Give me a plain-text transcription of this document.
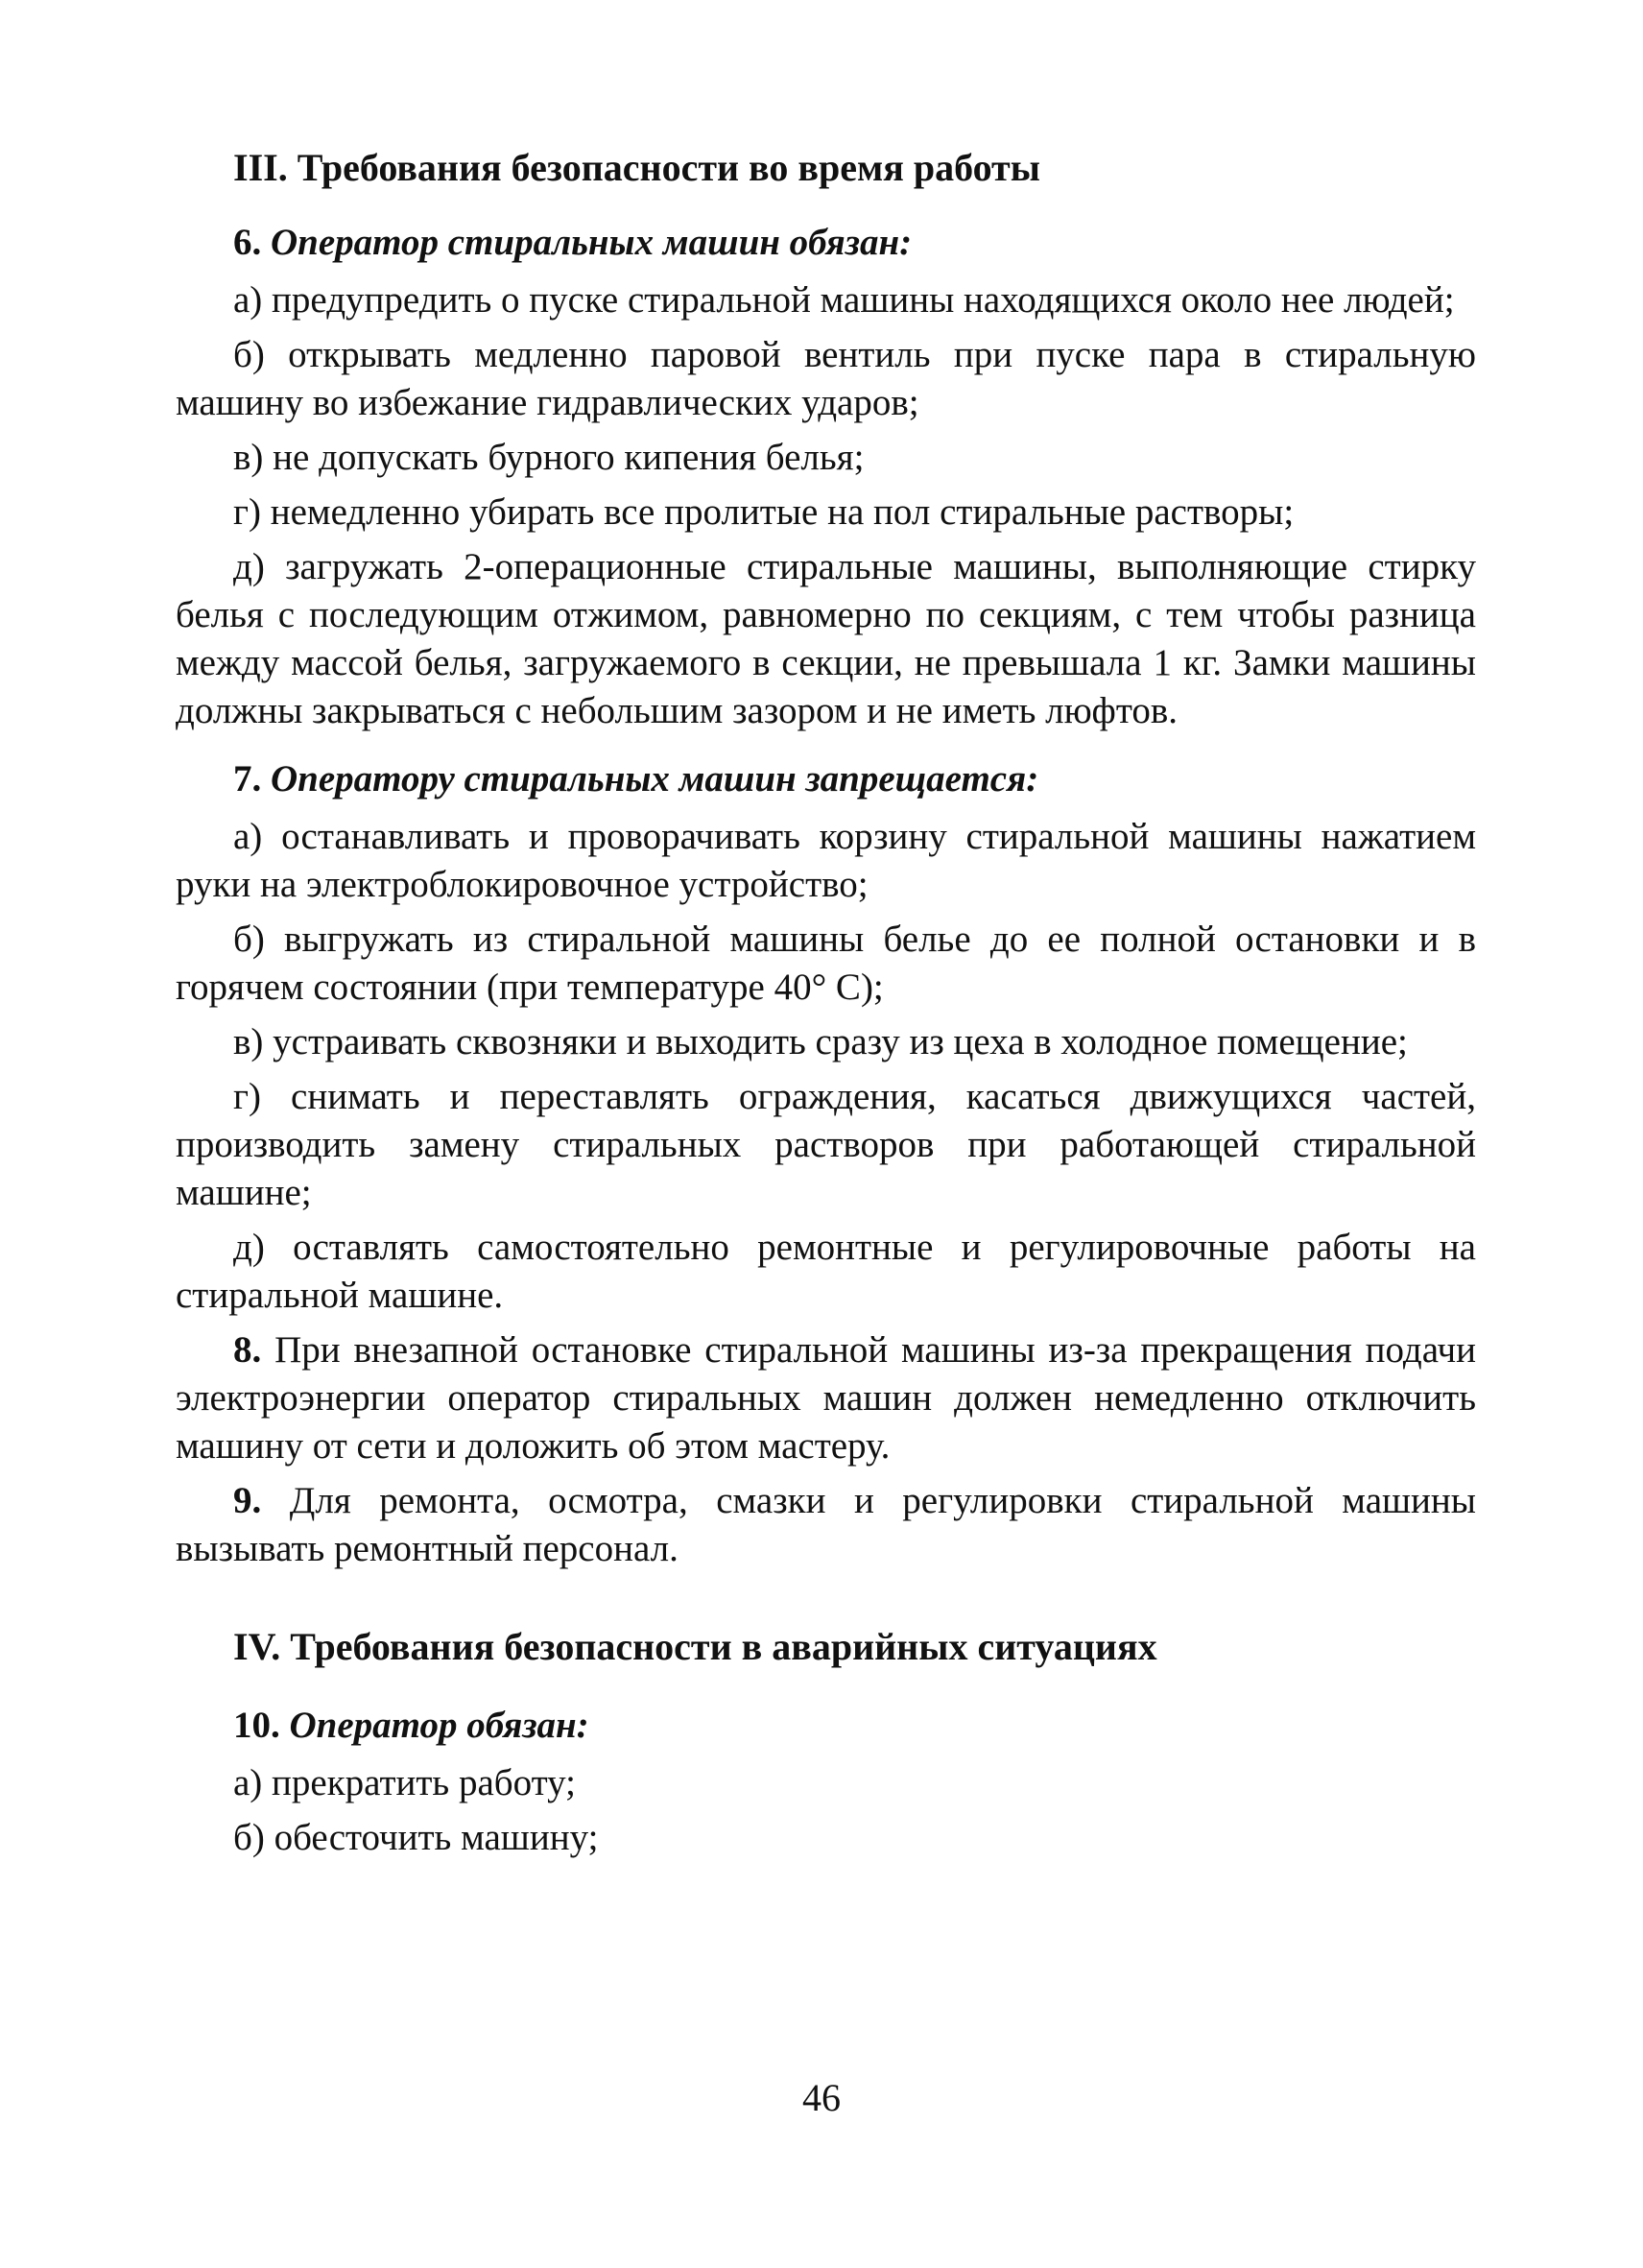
III. Требования безопасности во время работы

6. Оператор стиральных машин обязан:

а) предупредить о пуске стиральной машины находящихся около нее людей;

б) открывать медленно паровой вентиль при пуске пара в стиральную машину во избежание гидравлических ударов;

в) не допускать бурного кипения белья;

г) немедленно убирать все пролитые на пол стиральные растворы;

д) загружать 2-операционные стиральные машины, выполняющие стирку белья с последующим отжимом, равномерно по секциям, с тем чтобы разница между массой белья, загружаемого в секции, не превышала 1 кг. Замки машины должны закрываться с небольшим зазором и не иметь люфтов.

7. Оператору стиральных машин запрещается:

а) останавливать и проворачивать корзину стиральной машины нажатием руки на электроблокировочное устройство;

б) выгружать из стиральной машины белье до ее полной остановки и в горячем состоянии (при температуре 40° С);

в) устраивать сквозняки и выходить сразу из цеха в холодное помещение;

г) снимать и переставлять ограждения, касаться движущихся частей, производить замену стиральных растворов при работающей стиральной машине;

д) оставлять самостоятельно ремонтные и регулировочные работы на стиральной машине.

8. При внезапной остановке стиральной машины из-за прекращения подачи электроэнергии оператор стиральных машин должен немедленно отключить машину от сети и доложить об этом мастеру.

9. Для ремонта, осмотра, смазки и регулировки стиральной машины вызывать ремонтный персонал.

IV. Требования безопасности в аварийных ситуациях

10. Оператор обязан:

а) прекратить работу;

б) обесточить машину;

46
